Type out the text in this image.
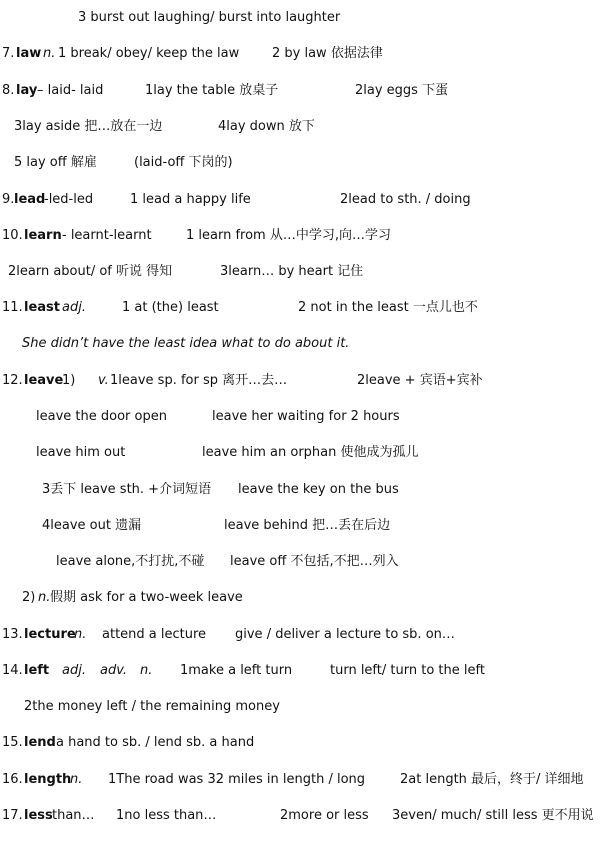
3 burst out laughing/ burst into laughter
7. law n. 1 break/ obey/ keep the law	2 by law 依据法律
8. lay – laid- laid	1lay the table 放桌子	2lay eggs 下蛋
3lay aside 把…放在一边	4lay down 放下
5 lay off 解雇	(laid-off 下岗的)
9. lead
-led-led	1 lead a happy life	2lead to sth. / doing
10. learn - learnt-learnt	1 learn from 从…中学习,向…学习
2learn about/ of 听说 得知	3learn… by heart 记住
11. least adj.	1 at (the) least	2 not in the least 一点儿也不
She didn’t have the least idea what to do about it.
12. leave
1) v. 1leave sp. for sp 离开…去…	2leave + 宾语+宾补
leave the door open	leave her waiting for 2 hours
leave him out	leave him an orphan 使他成为孤儿
3丢下 leave sth. +介词短语 leave the key on the bus
4leave out 遗漏	leave behind 把…丢在后边
leave alone,不打扰,不碰 leave off 不包括,不把…列入
2) n. 假期 ask for a two-week leave
13. lecture
n. attend a lecture give / deliver a lecture to sb. on…
14. left adj. adv. n. 1make a left turn	turn left/ turn to the left
2the money left / the remaining money
15. lend a hand to sb. / lend sb. a hand
16. length
n. 1The road was 32 miles in length / long	2at length 最后，终于/ 详细地
17. less than… 1no less than…	2more or less 3even/ much/ still less 更不用说
